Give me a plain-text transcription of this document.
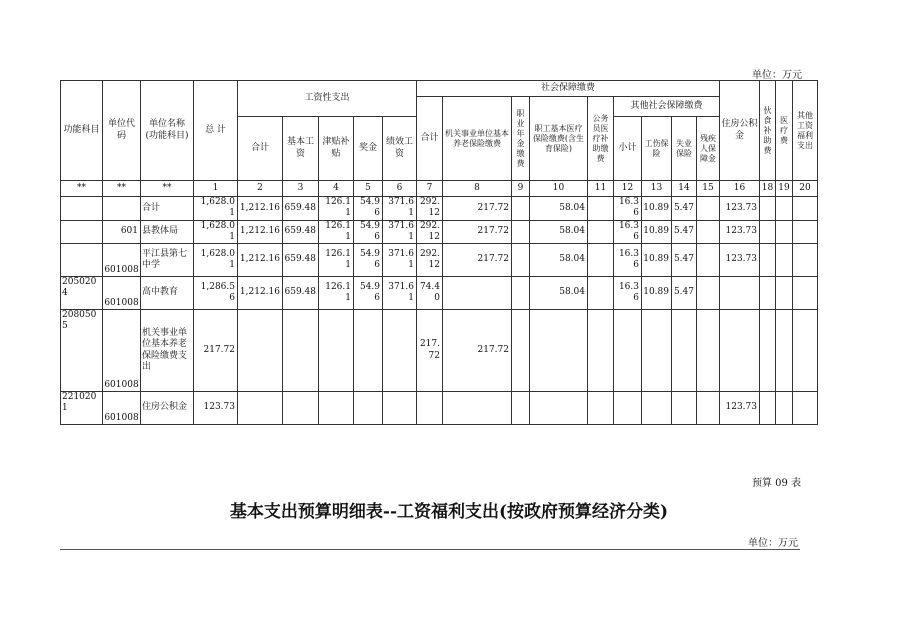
单位：万元
功能科目	单位代码	单位名称
(功能科目)	总 计	工资性支出					社会保障缴费									住房公积金	伙食补助费	医疗费	其他工资福利支出
									合计	机关事业单位基本养老保险缴费	职业年金缴费	职工基本医疗保险缴费(含生育保险)	公务员医疗补助缴费	其他社会保障缴费							
				合计	基本工资	津贴补贴	奖金	绩效工资						小计	工伤保险	失业保险	残疾人保障金				
**	**	**	1	2	3	4	5	6	7	8	9	10	11	12	13	14	15	16	18	19	20
		合计	1,628.01	1,212.16	659.48	126.11	54.96	371.61	292.12	217.72		58.04		16.36	10.89	5.47		123.73			
	601	县教体局	1,628.01	1,212.16	659.48	126.11	54.96	371.61	292.12	217.72		58.04		16.36	10.89	5.47		123.73			
	601008	平江县第七中学	1,628.01	1,212.16	659.48	126.11	54.96	371.61	292.12	217.72		58.04		16.36	10.89	5.47		123.73			
2050204	601008	高中教育	1,286.56	1,212.16	659.48	126.11	54.96	371.61	74.40			58.04		16.36	10.89	5.47					
2080505	601008	机关事业单位基本养老保险缴费支出	217.72						217.72	217.72											
2210201	601008	住房公积金	123.73															123.73			
预算 09 表
基本支出预算明细表--工资福利支出(按政府预算经济分类)
单位：万元
